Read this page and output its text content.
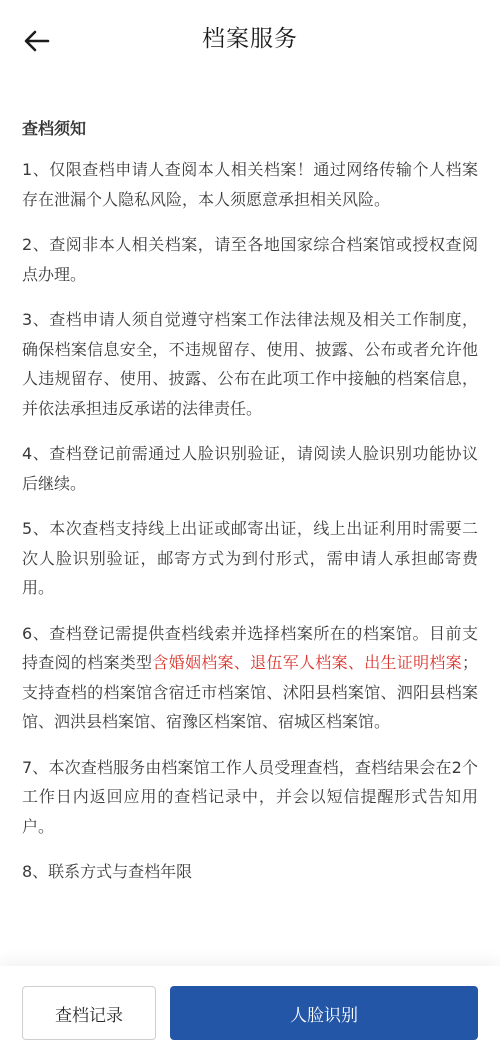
档案服务
查档须知
1、仅限查档申请人查阅本人相关档案！通过网络传输个人档案存在泄漏个人隐私风险，本人须愿意承担相关风险。
2、查阅非本人相关档案，请至各地国家综合档案馆或授权查阅点办理。
3、查档申请人须自觉遵守档案工作法律法规及相关工作制度，确保档案信息安全，不违规留存、使用、披露、公布或者允许他人违规留存、使用、披露、公布在此项工作中接触的档案信息，并依法承担违反承诺的法律责任。
4、查档登记前需通过人脸识别验证，请阅读人脸识别功能协议后继续。
5、本次查档支持线上出证或邮寄出证，线上出证利用时需要二次人脸识别验证，邮寄方式为到付形式，需申请人承担邮寄费用。
6、查档登记需提供查档线索并选择档案所在的档案馆。目前支持查阅的档案类型含婚姻档案、退伍军人档案、出生证明档案；支持查档的档案馆含宿迁市档案馆、沭阳县档案馆、泗阳县档案馆、泗洪县档案馆、宿豫区档案馆、宿城区档案馆。
7、本次查档服务由档案馆工作人员受理查档，查档结果会在2个工作日内返回应用的查档记录中，并会以短信提醒形式告知用户。
8、联系方式与查档年限
查档记录	人脸识别
